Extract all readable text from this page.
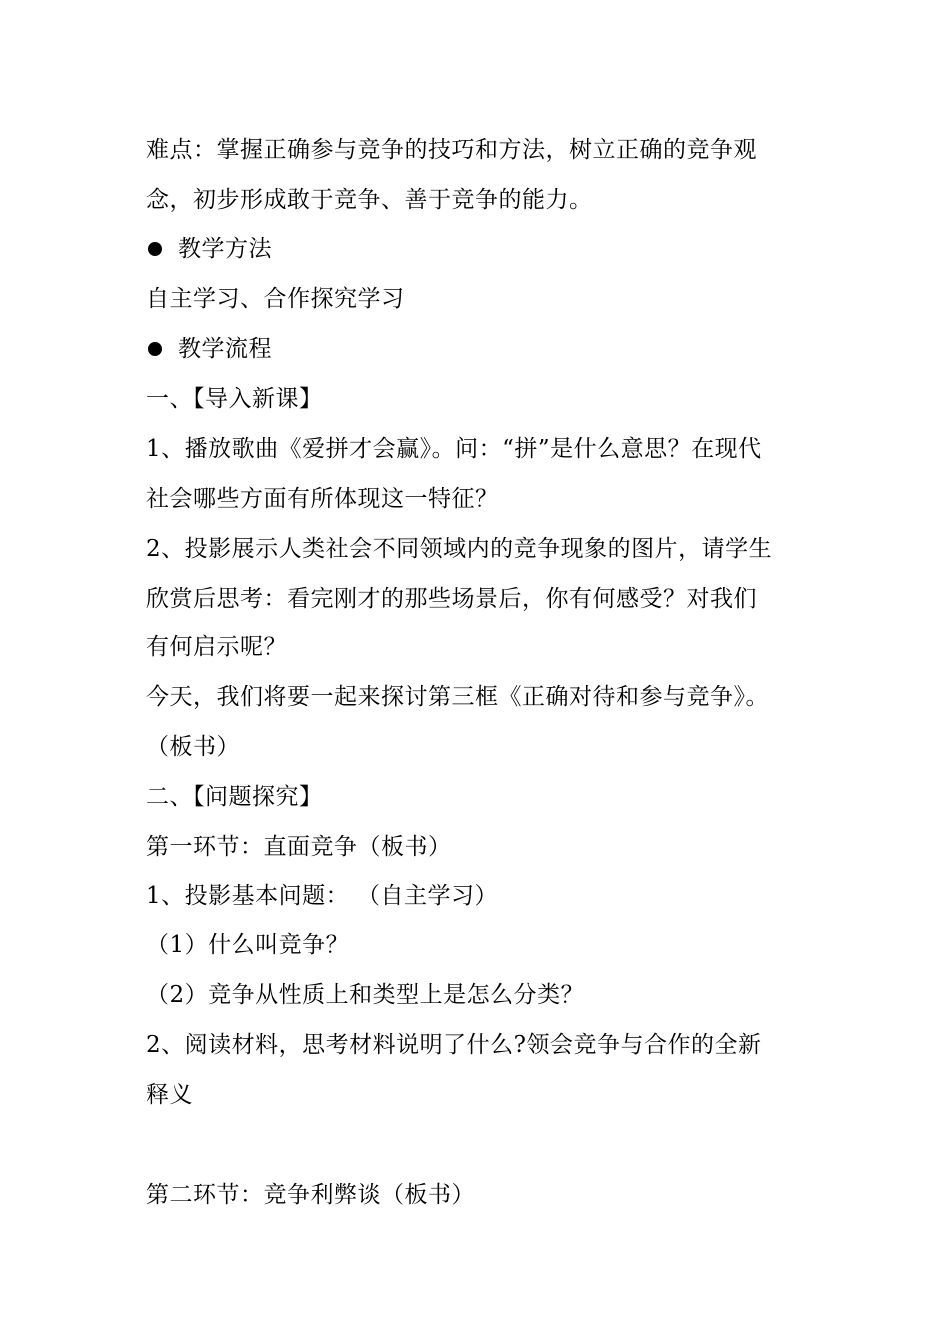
难点：掌握正确参与竞争的技巧和方法，树立正确的竞争观
念，初步形成敢于竞争、善于竞争的能力。
教学方法
自主学习、合作探究学习
教学流程
一、【导入新课】
1、播放歌曲《爱拼才会赢》。问：“拼”是什么意思？在现代
社会哪些方面有所体现这一特征？
2、投影展示人类社会不同领域内的竞争现象的图片，请学生
欣赏后思考：看完刚才的那些场景后，你有何感受？对我们
有何启示呢？
今天，我们将要一起来探讨第三框《正确对待和参与竞争》。
（板书）
二、【问题探究】
第一环节：直面竞争（板书）
1、投影基本问题： （自主学习）
（1）什么叫竞争？
（2）竞争从性质上和类型上是怎么分类？
2、阅读材料，思考材料说明了什么?领会竞争与合作的全新
释义
第二环节：竞争利弊谈（板书）
